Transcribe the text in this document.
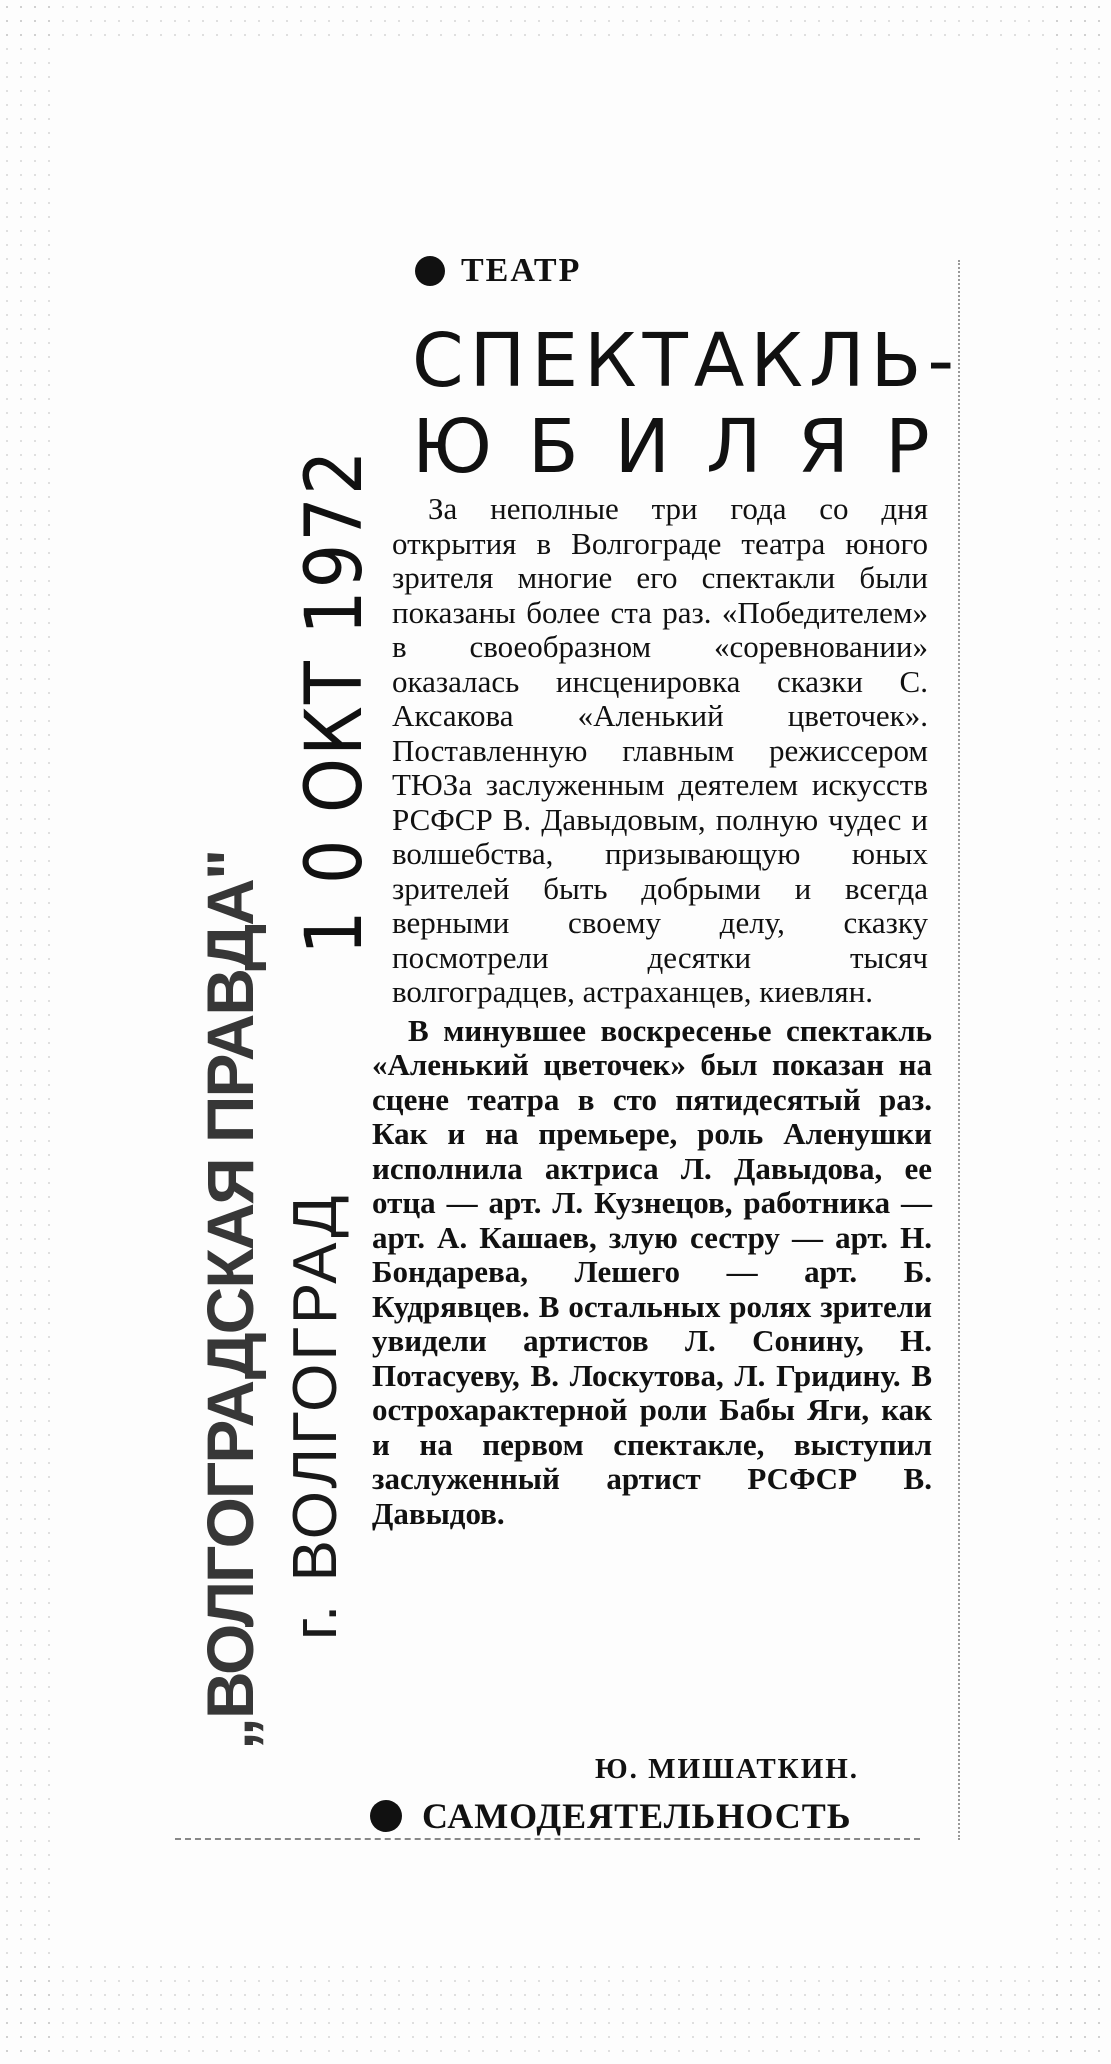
ТЕАТР
СПЕКТАКЛЬ-
ЮБИЛЯР

За неполные три года со дня открытия в Волгограде театра юного зрителя многие его спектакли были показаны более ста раз. «Победителем» в своеобразном «соревновании» оказалась инсценировка сказки С. Аксакова «Аленький цветочек». Поставленную главным режиссером ТЮЗа заслуженным деятелем искусств РСФСР В. Давыдовым, полную чудес и волшебства, призывающую юных зрителей быть добрыми и всегда верными своему делу, сказку посмотрели десятки тысяч волгоградцев, астраханцев, киевлян.

В минувшее воскресенье спектакль «Аленький цветочек» был показан на сцене театра в сто пятидесятый раз. Как и на премьере, роль Аленушки исполнила актриса Л. Давыдова, ее отца — арт. Л. Кузнецов, работника — арт. А. Кашаев, злую сестру — арт. Н. Бондарева, Лешего — арт. Б. Кудрявцев. В остальных ролях зрители увидели артистов Л. Сонину, Н. Потасуеву, В. Лоскутова, Л. Гридину. В острохарактерной роли Бабы Яги, как и на первом спектакле, выступил заслуженный артист РСФСР В. Давыдов.

Ю. МИШАТКИН.
САМОДЕЯТЕЛЬНОСТЬ
1 0 ОКТ 1972
„ВОЛГОГРАДСКАЯ ПРАВДА" г. ВОЛГОГРАД
